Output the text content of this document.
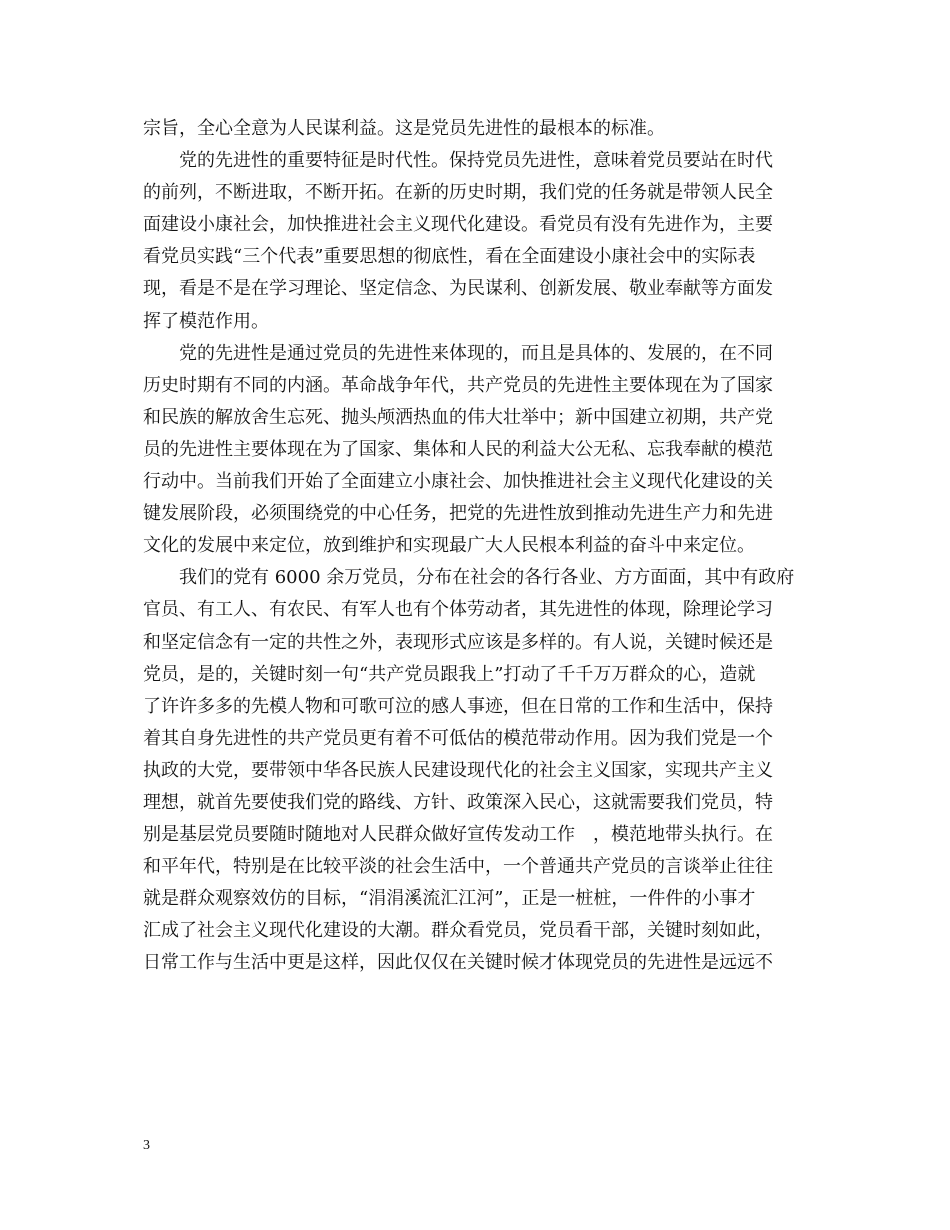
宗旨，全心全意为人民谋利益。这是党员先进性的最根本的标准。
党的先进性的重要特征是时代性。保持党员先进性，意味着党员要站在时代
的前列，不断进取，不断开拓。在新的历史时期，我们党的任务就是带领人民全
面建设小康社会，加快推进社会主义现代化建设。看党员有没有先进作为，主要
看党员实践“三个代表”重要思想的彻底性，看在全面建设小康社会中的实际表
现，看是不是在学习理论、坚定信念、为民谋利、创新发展、敬业奉献等方面发
挥了模范作用。
党的先进性是通过党员的先进性来体现的，而且是具体的、发展的，在不同
历史时期有不同的内涵。革命战争年代，共产党员的先进性主要体现在为了国家
和民族的解放舍生忘死、抛头颅洒热血的伟大壮举中；新中国建立初期，共产党
员的先进性主要体现在为了国家、集体和人民的利益大公无私、忘我奉献的模范
行动中。当前我们开始了全面建立小康社会、加快推进社会主义现代化建设的关
键发展阶段，必须围绕党的中心任务，把党的先进性放到推动先进生产力和先进
文化的发展中来定位，放到维护和实现最广大人民根本利益的奋斗中来定位。
我们的党有 6000 余万党员，分布在社会的各行各业、方方面面，其中有政府
官员、有工人、有农民、有军人也有个体劳动者，其先进性的体现，除理论学习
和坚定信念有一定的共性之外，表现形式应该是多样的。有人说，关键时候还是
党员，是的，关键时刻一句“共产党员跟我上”打动了千千万万群众的心，造就
了许许多多的先模人物和可歌可泣的感人事迹，但在日常的工作和生活中，保持
着其自身先进性的共产党员更有着不可低估的模范带动作用。因为我们党是一个
执政的大党，要带领中华各民族人民建设现代化的社会主义国家，实现共产主义
理想，就首先要使我们党的路线、方针、政策深入民心，这就需要我们党员，特
别是基层党员要随时随地对人民群众做好宣传发动工作　，模范地带头执行。在
和平年代，特别是在比较平淡的社会生活中，一个普通共产党员的言谈举止往往
就是群众观察效仿的目标，“涓涓溪流汇江河”，正是一桩桩，一件件的小事才
汇成了社会主义现代化建设的大潮。群众看党员，党员看干部，关键时刻如此，
日常工作与生活中更是这样，因此仅仅在关键时候才体现党员的先进性是远远不
3
